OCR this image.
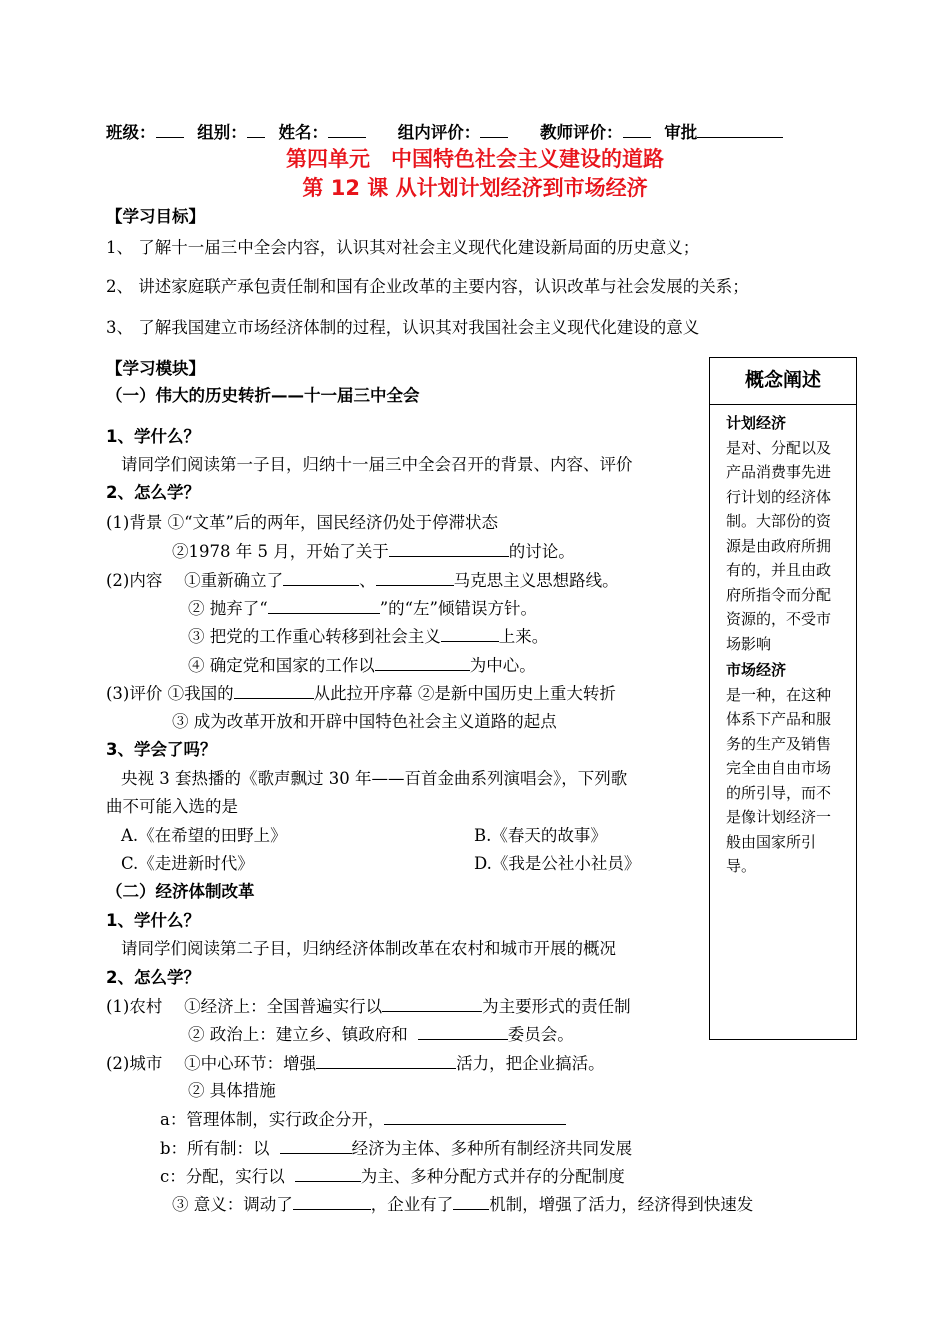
班级：	组别： 姓名：	组内评价：	教师评价：	审批
第四单元　中国特色社会主义建设的道路
第 12 课 从计划计划经济到市场经济
【学习目标】
1、 了解十一届三中全会内容，认识其对社会主义现代化建设新局面的历史意义；
2、 讲述家庭联产承包责任制和国有企业改革的主要内容，认识改革与社会发展的关系；
3、 了解我国建立市场经济体制的过程，认识其对我国社会主义现代化建设的意义
【学习模块】
（一）伟大的历史转折——十一届三中全会
1、学什么？
请同学们阅读第一子目，归纳十一届三中全会召开的背景、内容、评价
2、怎么学？
(1)背景 ①“文革”后的两年，国民经济仍处于停滞状态
②1978 年 5 月，开始了关于	的讨论。
(2)内容　 ①重新确立了	、	马克思主义思想路线。
② 抛弃了“	”的“左”倾错误方针。
③ 把党的工作重心转移到社会主义	上来。
④ 确定党和国家的工作以	为中心。
(3)评价 ①我国的	从此拉开序幕 ②是新中国历史上重大转折
③ 成为改革开放和开辟中国特色社会主义道路的起点
3、学会了吗？
央视 3 套热播的《歌声飘过 30 年——百首金曲系列演唱会》，下列歌
曲不可能入选的是
A.《在希望的田野上》	B.《春天的故事》
C.《走进新时代》	D.《我是公社小社员》
（二）经济体制改革
1、学什么？
请同学们阅读第二子目，归纳经济体制改革在农村和城市开展的概况
2、怎么学？
(1)农村　 ①经济上：全国普遍实行以	为主要形式的责任制
② 政治上：建立乡、镇政府和	委员会。
(2)城市　 ①中心环节：增强	活力，把企业搞活。
② 具体措施
a：管理体制，实行政企分开，
b：所有制：以	经济为主体、多种所有制经济共同发展
c：分配，实行以	为主、多种分配方式并存的分配制度
③ 意义：调动了	，企业有了 机制，增强了活力，经济得到快速发
概念阐述
计划经济
是对、分配以及产品消费事先进行计划的经济体制。大部份的资源是由政府所拥有的，并且由政府所指令而分配资源的，不受市场影响
市场经济
是一种，在这种体系下产品和服务的生产及销售完全由自由市场的所引导，而不是像计划经济一般由国家所引导。
